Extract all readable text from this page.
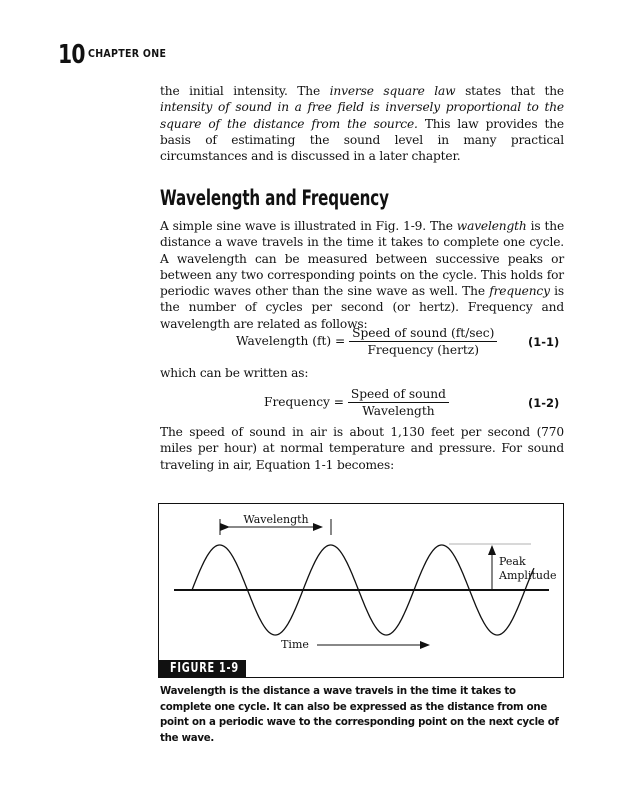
10 CHAPTER ONE

the initial intensity. The inverse square law states that the intensity of sound in a free field is inversely proportional to the square of the distance from the source. This law provides the basis of estimating the sound level in many practical circumstances and is discussed in a later chapter.

Wavelength and Frequency

A simple sine wave is illustrated in Fig. 1-9. The wavelength is the distance a wave travels in the time it takes to complete one cycle. A wavelength can be measured between successive peaks or between any two corresponding points on the cycle. This holds for periodic waves other than the sine wave as well. The frequency is the number of cycles per second (or hertz). Frequency and wavelength are related as follows:

Wavelength $(ft) = \frac{\text{Speed of sound (ft/sec)}}{\text{Frequency (hertz)}}$	(1-1)
which can be written as:
Frequency = $\frac{\text{Speed of sound}}{\text{Wavelength}}$	(1-2)
The speed of sound in air is about 1,130 feet per second (770 miles per hour) at normal temperature and pressure. For sound traveling in air, Equation 1-1 becomes:
Wavelength
Peak
Amplitude
Time
FIGURE 1-9
Wavelength is the distance a wave travels in the time it takes to complete one cycle. It can also be expressed as the distance from one point on a periodic wave to the corresponding point on the next cycle of the wave.
